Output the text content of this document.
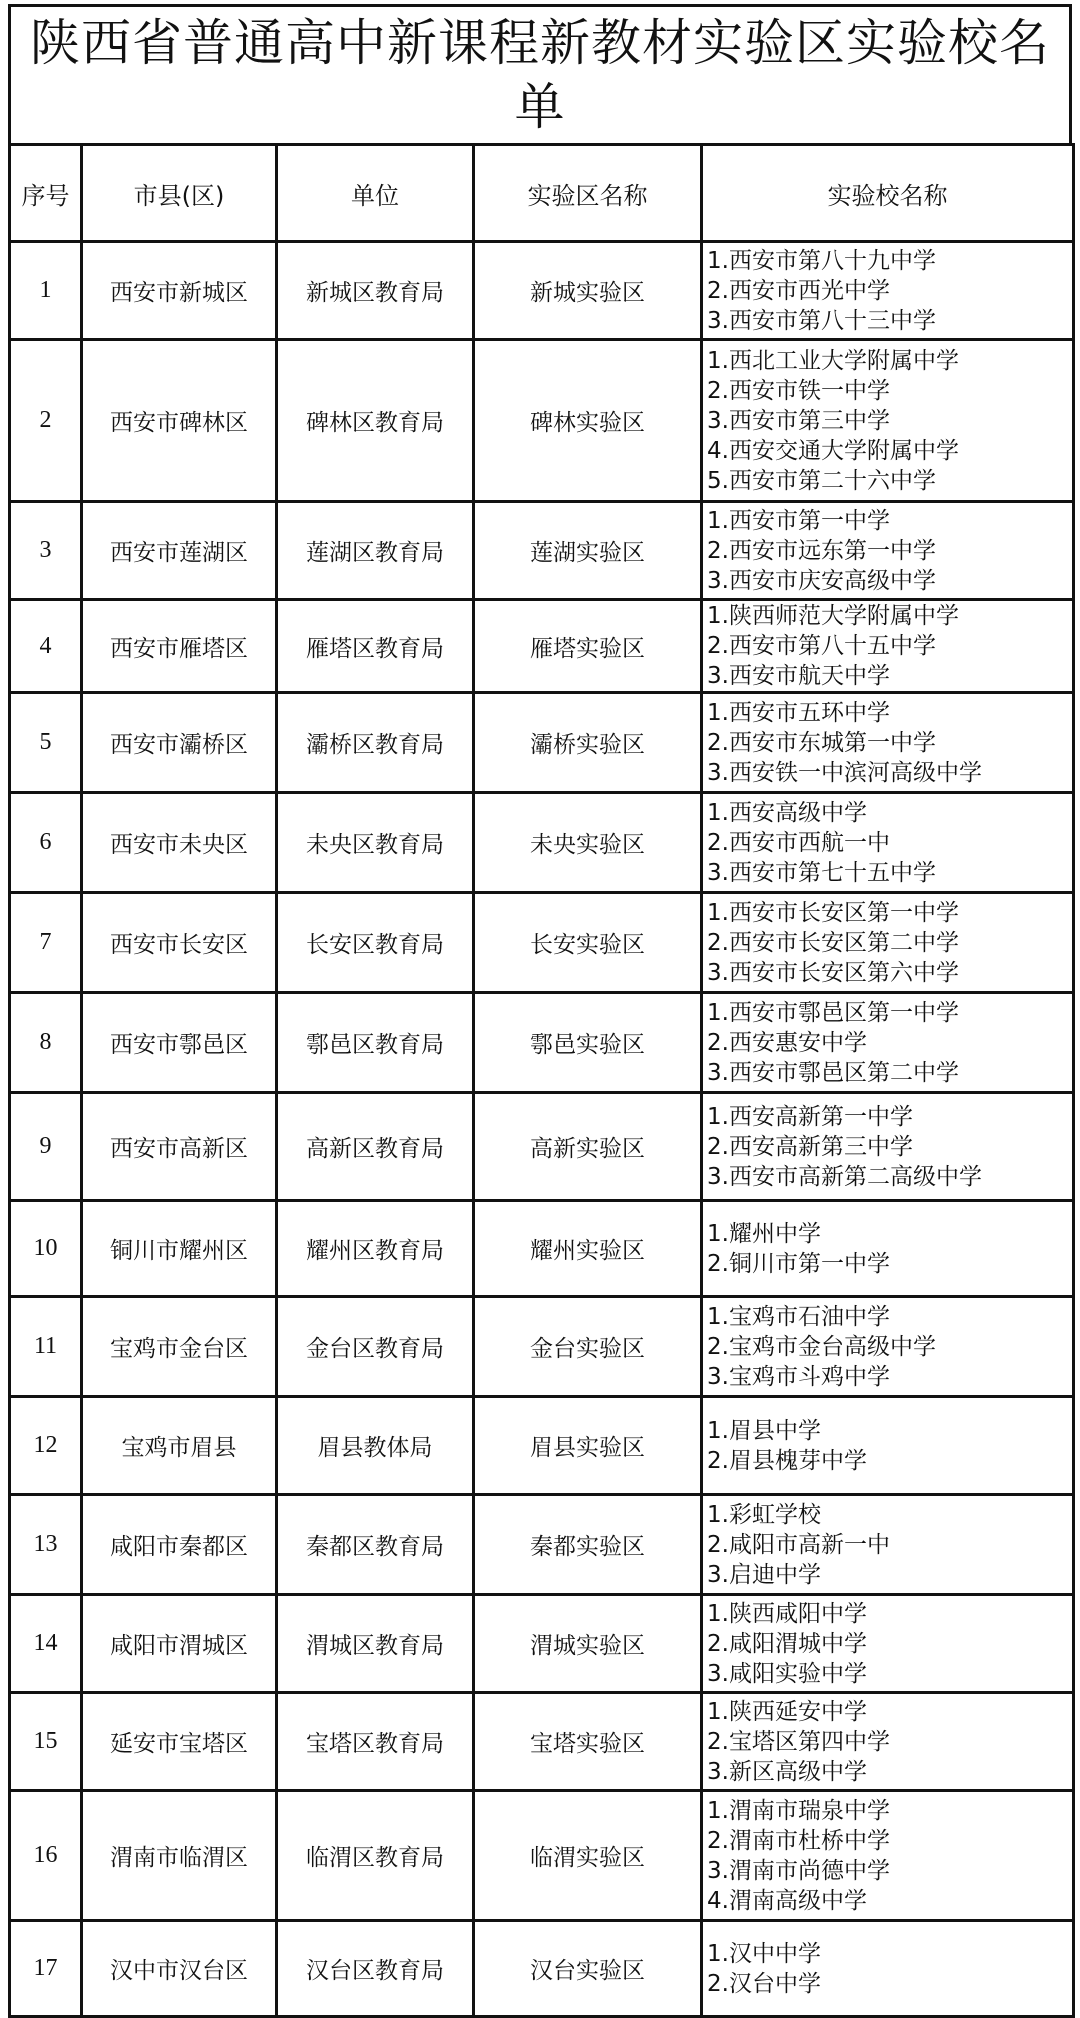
陕西省普通高中新课程新教材实验区实验校名单
序号	市县(区)	单位	实验区名称	实验校名称
1	西安市新城区	新城区教育局	新城实验区	1.西安市第八十九中学
2.西安市西光中学
3.西安市第八十三中学

2	西安市碑林区	碑林区教育局	碑林实验区	1.西北工业大学附属中学
2.西安市铁一中学
3.西安市第三中学
4.西安交通大学附属中学
5.西安市第二十六中学

3	西安市莲湖区	莲湖区教育局	莲湖实验区	1.西安市第一中学
2.西安市远东第一中学
3.西安市庆安高级中学

4	西安市雁塔区	雁塔区教育局	雁塔实验区	1.陕西师范大学附属中学
2.西安市第八十五中学
3.西安市航天中学

5	西安市灞桥区	灞桥区教育局	灞桥实验区	1.西安市五环中学
2.西安市东城第一中学
3.西安铁一中滨河高级中学

6	西安市未央区	未央区教育局	未央实验区	1.西安高级中学
2.西安市西航一中
3.西安市第七十五中学

7	西安市长安区	长安区教育局	长安实验区	1.西安市长安区第一中学
2.西安市长安区第二中学
3.西安市长安区第六中学

8	西安市鄠邑区	鄠邑区教育局	鄠邑实验区	1.西安市鄠邑区第一中学
2.西安惠安中学
3.西安市鄠邑区第二中学

9	西安市高新区	高新区教育局	高新实验区	1.西安高新第一中学
2.西安高新第三中学
3.西安市高新第二高级中学

10	铜川市耀州区	耀州区教育局	耀州实验区	1.耀州中学
2.铜川市第一中学

11	宝鸡市金台区	金台区教育局	金台实验区	1.宝鸡市石油中学
2.宝鸡市金台高级中学
3.宝鸡市斗鸡中学

12	宝鸡市眉县	眉县教体局	眉县实验区	1.眉县中学
2.眉县槐芽中学

13	咸阳市秦都区	秦都区教育局	秦都实验区	1.彩虹学校
2.咸阳市高新一中
3.启迪中学

14	咸阳市渭城区	渭城区教育局	渭城实验区	1.陕西咸阳中学
2.咸阳渭城中学
3.咸阳实验中学

15	延安市宝塔区	宝塔区教育局	宝塔实验区	1.陕西延安中学
2.宝塔区第四中学
3.新区高级中学

16	渭南市临渭区	临渭区教育局	临渭实验区	1.渭南市瑞泉中学
2.渭南市杜桥中学
3.渭南市尚德中学
4.渭南高级中学

17	汉中市汉台区	汉台区教育局	汉台实验区	1.汉中中学
2.汉台中学
